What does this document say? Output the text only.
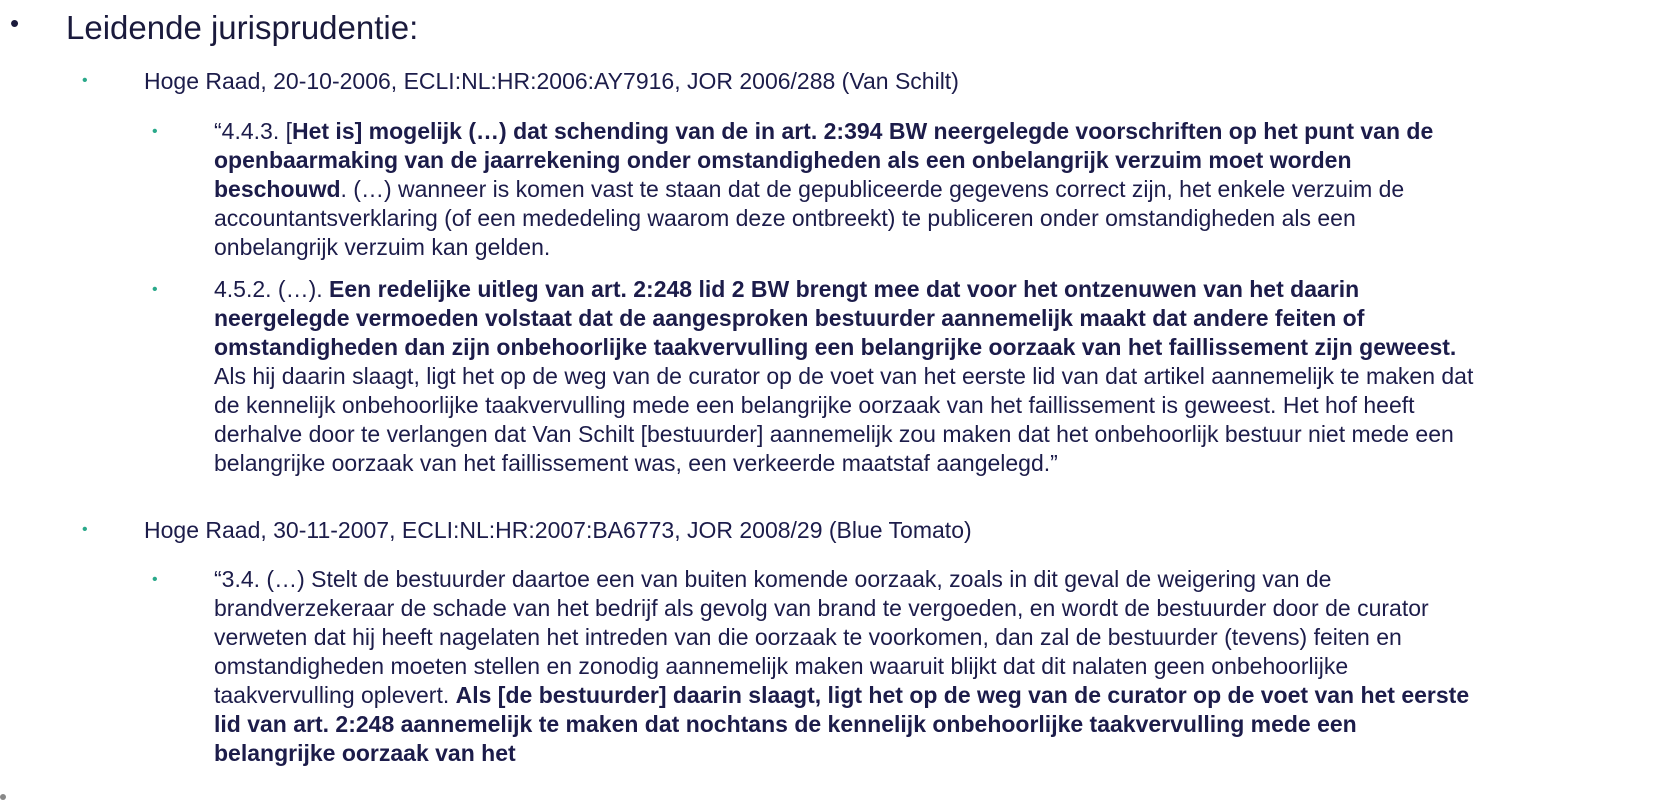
•	Leidende jurisprudentie:
•	Hoge Raad, 20-10-2006, ECLI:NL:HR:2006:AY7916, JOR 2006/288 (Van Schilt)
•	“4.4.3. [Het is] mogelijk (…) dat schending van de in art. 2:394 BW neergelegde voorschriften op het punt van de openbaarmaking van de jaarrekening onder omstandigheden als een onbelangrijk verzuim moet worden beschouwd. (…) wanneer is komen vast te staan dat de gepubliceerde gegevens correct zijn, het enkele verzuim de accountantsverklaring (of een mededeling waarom deze ontbreekt) te publiceren onder omstandigheden als een onbelangrijk verzuim kan gelden.
•	4.5.2. (…). Een redelijke uitleg van art. 2:248 lid 2 BW brengt mee dat voor het ontzenuwen van het daarin neergelegde vermoeden volstaat dat de aangesproken bestuurder aannemelijk maakt dat andere feiten of omstandigheden dan zijn onbehoorlijke taakvervulling een belangrijke oorzaak van het faillissement zijn geweest. Als hij daarin slaagt, ligt het op de weg van de curator op de voet van het eerste lid van dat artikel aannemelijk te maken dat de kennelijk onbehoorlijke taakvervulling mede een belangrijke oorzaak van het faillissement is geweest. Het hof heeft derhalve door te verlangen dat Van Schilt [bestuurder] aannemelijk zou maken dat het onbehoorlijk bestuur niet mede een belangrijke oorzaak van het faillissement was, een verkeerde maatstaf aangelegd.”
•	Hoge Raad, 30-11-2007, ECLI:NL:HR:2007:BA6773, JOR 2008/29 (Blue Tomato)
•	“3.4. (…) Stelt de bestuurder daartoe een van buiten komende oorzaak, zoals in dit geval de weigering van de brandverzekeraar de schade van het bedrijf als gevolg van brand te vergoeden, en wordt de bestuurder door de curator verweten dat hij heeft nagelaten het intreden van die oorzaak te voorkomen, dan zal de bestuurder (tevens) feiten en omstandigheden moeten stellen en zonodig aannemelijk maken waaruit blijkt dat dit nalaten geen onbehoorlijke taakvervulling oplevert. Als [de bestuurder] daarin slaagt, ligt het op de weg van de curator op de voet van het eerste lid van art. 2:248 aannemelijk te maken dat nochtans de kennelijk onbehoorlijke taakvervulling mede een belangrijke oorzaak van het
